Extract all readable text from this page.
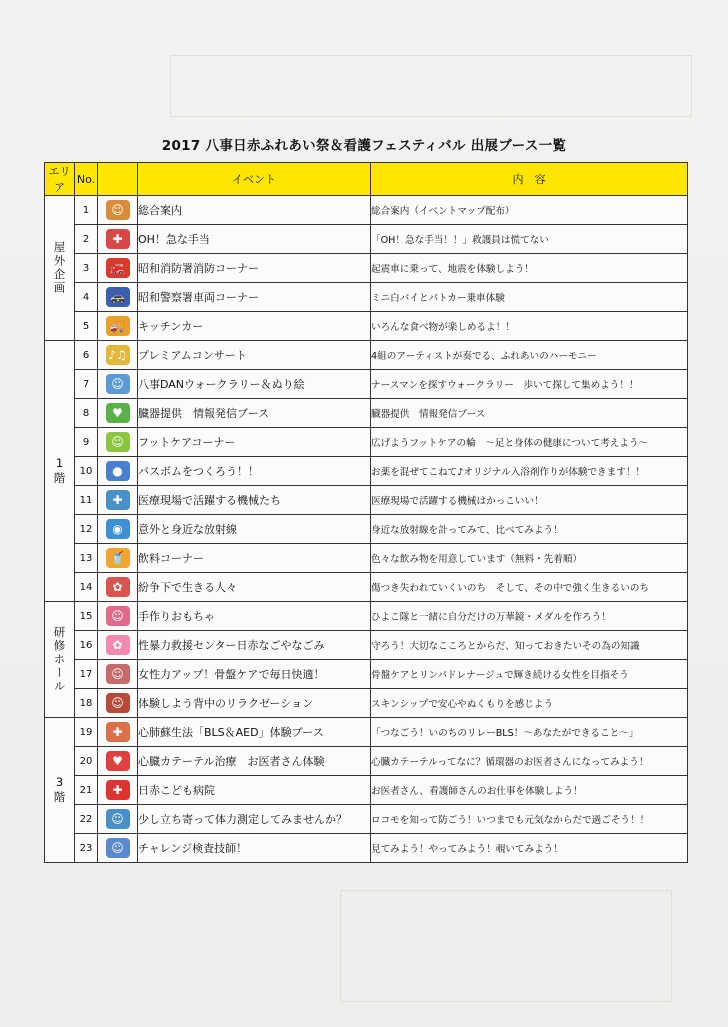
2017 八事日赤ふれあい祭＆看護フェスティバル 出展ブース一覧
エリア	No.		イベント	内　容
屋外企画	1	☺	総合案内	総合案内（イベントマップ配布）
	2	✚	OH！急な手当	「OH！急な手当！！」救護員は慌てない
	3	🚒	昭和消防署消防コーナー	起震車に乗って、地震を体験しよう！
	4	🚓	昭和警察署車両コーナー	ミニ白バイとパトカー乗車体験
	5	🚚	キッチンカー	いろんな食べ物が楽しめるよ！！
1階	6	♪♫	プレミアムコンサート	4組のアーティストが奏でる、ふれあいのハーモニー
	7	☺	八事DANウォークラリー＆ぬり絵	ナースマンを探すウォークラリー　歩いて探して集めよう！！
	8	♥	臓器提供　情報発信ブース	臓器提供　情報発信ブース
	9	☺	フットケアコーナー	広げようフットケアの輪　～足と身体の健康について考えよう～
	10	●	バスボムをつくろう！！	お薬を混ぜてこねて♪オリジナル入浴剤作りが体験できます！！
	11	✚	医療現場で活躍する機械たち	医療現場で活躍する機械はかっこいい！
	12	◉	意外と身近な放射線	身近な放射線を計ってみて、比べてみよう！
	13	🥤	飲料コーナー	色々な飲み物を用意しています（無料・先着順）
	14	✿	紛争下で生きる人々	傷つき失われていくいのち　そして、その中で強く生きるいのち
研修ホール	15	☺	手作りおもちゃ	ひよこ隊と一緒に自分だけの万華鏡・メダルを作ろう！
	16	✿	性暴力救援センター日赤なごやなごみ	守ろう！大切なこころとからだ、知っておきたいその為の知識
	17	☺	女性力アップ！骨盤ケアで毎日快適！	骨盤ケアとリンパドレナージュで輝き続ける女性を目指そう
	18	☺	体験しよう背中のリラクゼーション	スキンシップで安心やぬくもりを感じよう
3階	19	✚	心肺蘇生法「BLS＆AED」体験ブース	「つなごう！いのちのリレーBLS！～あなたができること～」
	20	♥	心臓カテーテル治療　お医者さん体験	心臓カテーテルってなに？循環器のお医者さんになってみよう！
	21	✚	日赤こども病院	お医者さん、看護師さんのお仕事を体験しよう！
	22	☺	少し立ち寄って体力測定してみませんか？	ロコモを知って防ごう！いつまでも元気なからだで過ごそう！！
	23	☺	チャレンジ検査技師！	見てみよう！やってみよう！覗いてみよう！
